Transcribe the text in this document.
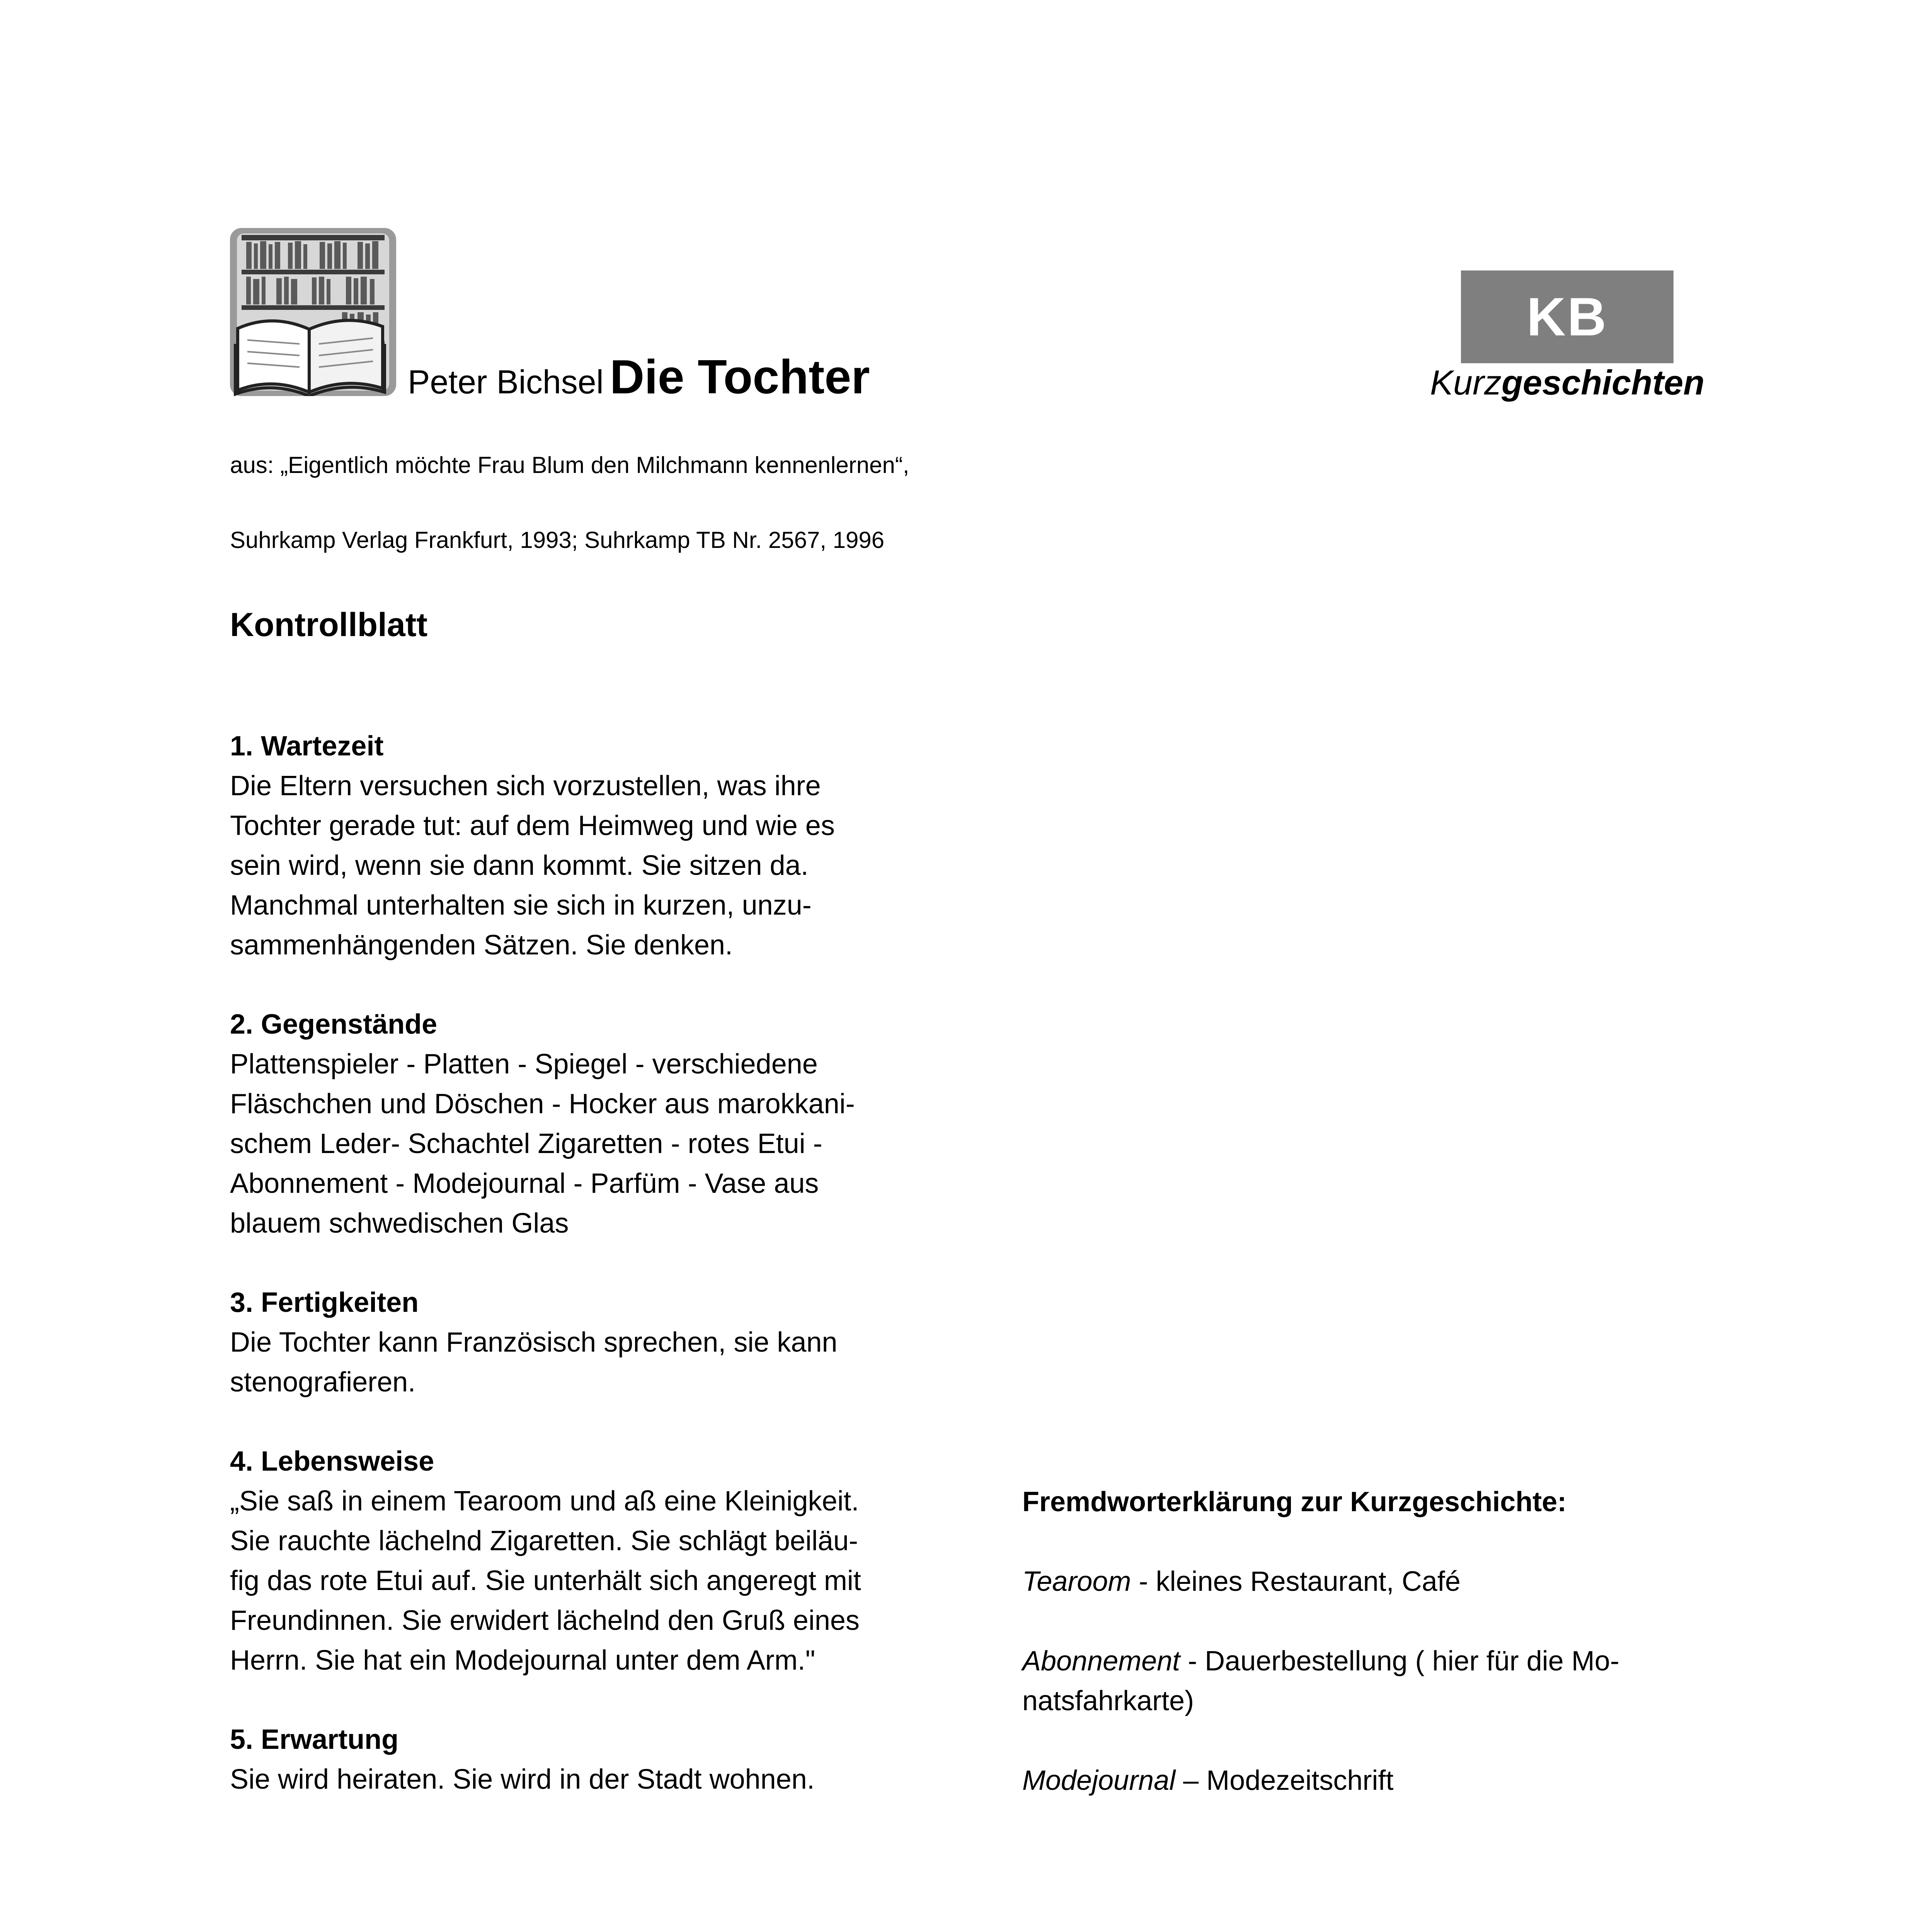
Peter Bichsel Die Tochter

aus: „Eigentlich möchte Frau Blum den Milchmann kennenlernen“,

Suhrkamp Verlag Frankfurt, 1993; Suhrkamp TB Nr. 2567, 1996

KB
Kurzgeschichten
Kontrollblatt
1. Wartezeit
Die Eltern versuchen sich vorzustellen, was ihre
Tochter gerade tut: auf dem Heimweg und wie es
sein wird, wenn sie dann kommt. Sie sitzen da.
Manchmal unterhalten sie sich in kurzen, unzu-
sammenhängenden Sätzen. Sie denken.
2. Gegenstände
Plattenspieler - Platten - Spiegel - verschiedene
Fläschchen und Döschen - Hocker aus marokkani-
schem Leder- Schachtel Zigaretten - rotes Etui -
Abonnement - Modejournal - Parfüm - Vase aus
blauem schwedischen Glas
3. Fertigkeiten
Die Tochter kann Französisch sprechen, sie kann
stenografieren.
4. Lebensweise
„Sie saß in einem Tearoom und aß eine Kleinigkeit.
Sie rauchte lächelnd Zigaretten. Sie schlägt beiläu-
fig das rote Etui auf. Sie unterhält sich angeregt mit
Freundinnen. Sie erwidert lächelnd den Gruß eines
Herrn. Sie hat ein Modejournal unter dem Arm."
5. Erwartung
Sie wird heiraten. Sie wird in der Stadt wohnen.
Fremdworterklärung zur Kurzgeschichte:
Tearoom - kleines Restaurant, Café
Abonnement - Dauerbestellung ( hier für die Mo-
natsfahrkarte)
Modejournal – Modezeitschrift
